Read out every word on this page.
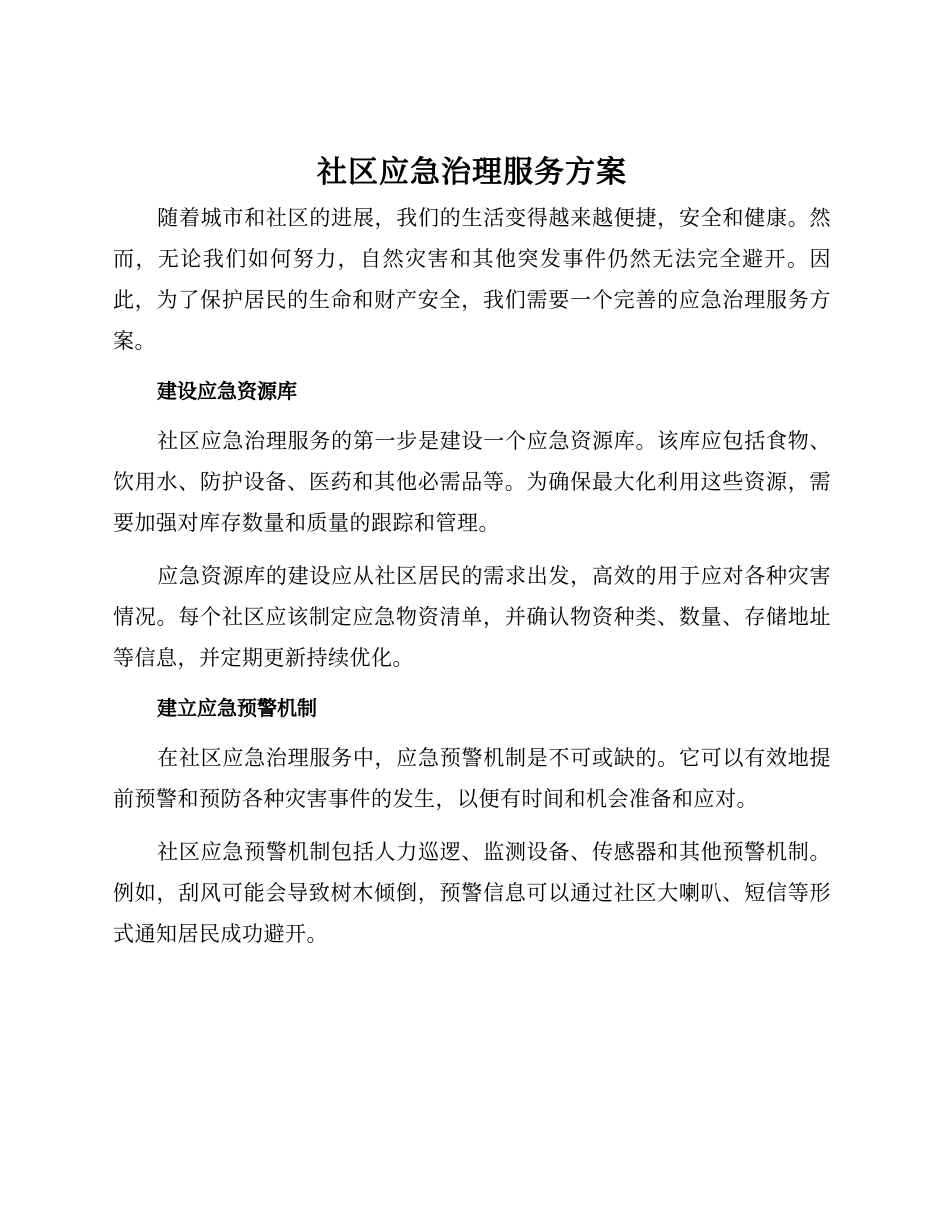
社区应急治理服务方案

随着城市和社区的进展，我们的生活变得越来越便捷，安全和健康。然而，无论我们如何努力，自然灾害和其他突发事件仍然无法完全避开。因此，为了保护居民的生命和财产安全，我们需要一个完善的应急治理服务方案。

建设应急资源库

社区应急治理服务的第一步是建设一个应急资源库。该库应包括食物、饮用水、防护设备、医药和其他必需品等。为确保最大化利用这些资源，需要加强对库存数量和质量的跟踪和管理。

应急资源库的建设应从社区居民的需求出发，高效的用于应对各种灾害情况。每个社区应该制定应急物资清单，并确认物资种类、数量、存储地址等信息，并定期更新持续优化。

建立应急预警机制

在社区应急治理服务中，应急预警机制是不可或缺的。它可以有效地提前预警和预防各种灾害事件的发生，以便有时间和机会准备和应对。

社区应急预警机制包括人力巡逻、监测设备、传感器和其他预警机制。例如，刮风可能会导致树木倾倒，预警信息可以通过社区大喇叭、短信等形式通知居民成功避开。
